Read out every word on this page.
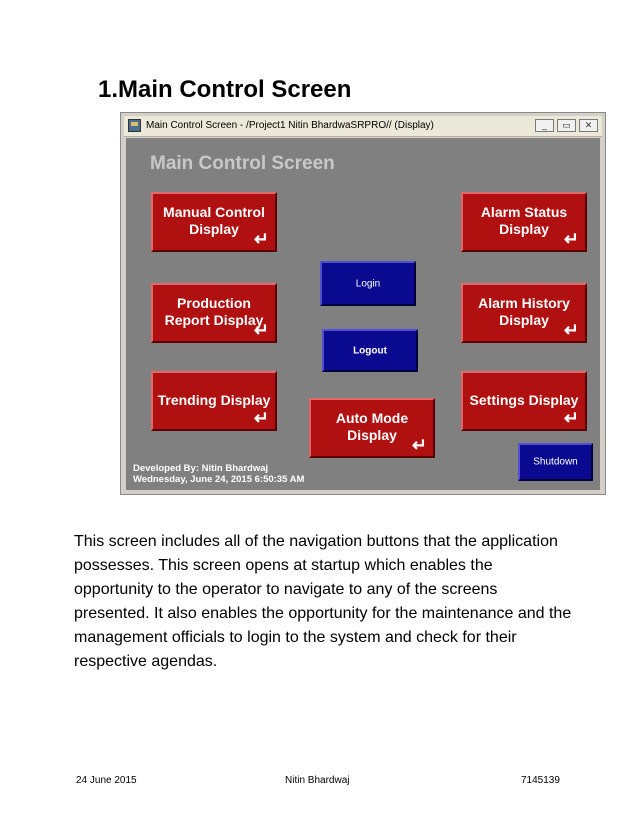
1.Main Control Screen
Main Control Screen - /Project1 Nitin BhardwaSRPRO// (Display)	_	▭	✕
Main Control Screen
Manual Control
Display ↵
Alarm Status
Display ↵
Production
Report Display
↵
Alarm History
Display ↵
Trending Display
↵
Settings Display
↵
Auto Mode
Display ↵
Login
Logout
Shutdown
Developed By: Nitin Bhardwaj
Wednesday, June 24, 2015 6:50:35 AM

This screen includes all of the navigation buttons that the application possesses. This screen opens at startup which enables the opportunity to the operator to navigate to any of the screens presented. It also enables the opportunity for the maintenance and the management officials to login to the system and check for their respective agendas.

24 June 2015	Nitin Bhardwaj	7145139
